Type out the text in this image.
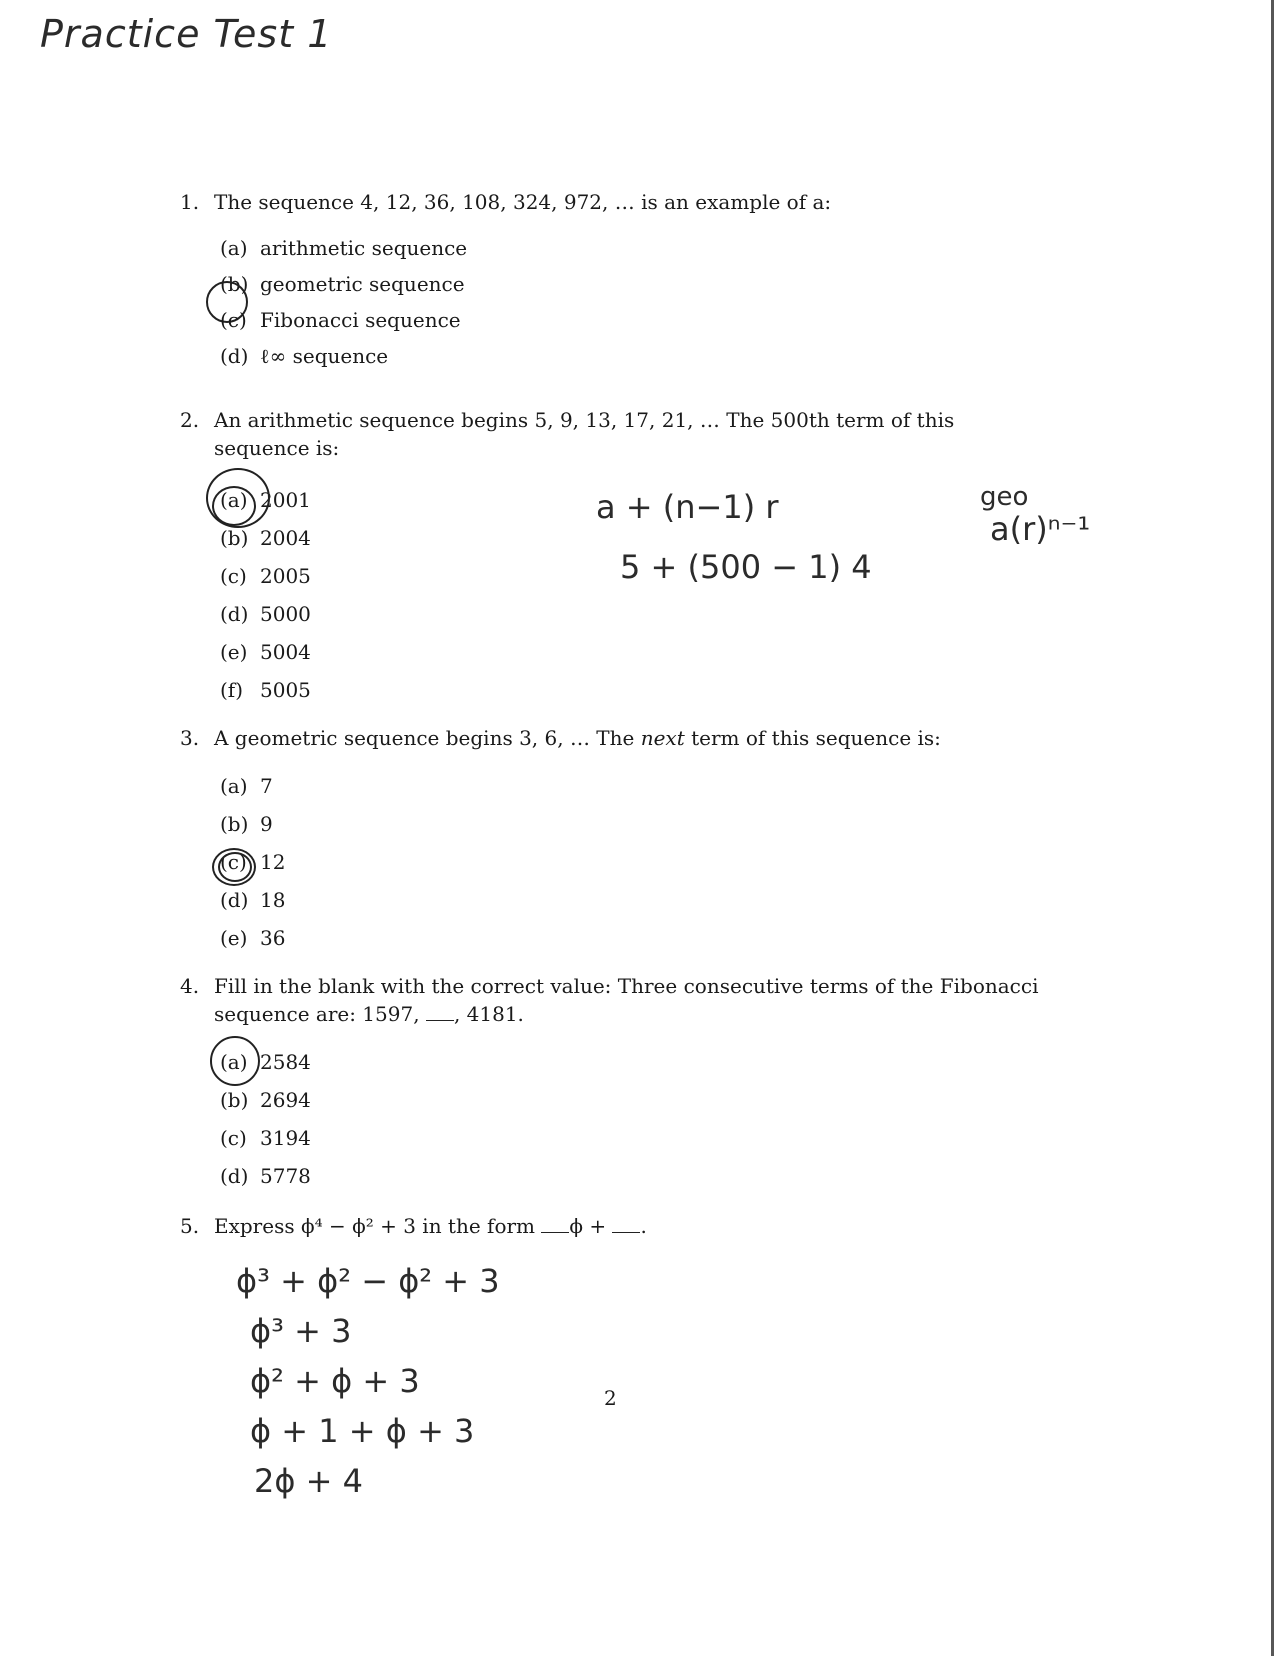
Practice Test 1
1. The sequence 4, 12, 36, 108, 324, 972, … is an example of a:
(a) arithmetic sequence
(b) geometric sequence
(c) Fibonacci sequence
(d) ℓ∞ sequence
2. An arithmetic sequence begins 5, 9, 13, 17, 21, … The 500th term of this sequence is:
(a) 2001
(b) 2004
(c) 2005
(d) 5000
(e) 5004
(f) 5005
a + (n−1) r
5 + (500 − 1) 4
geo
a(r)ⁿ⁻¹
3. A geometric sequence begins 3, 6, … The next term of this sequence is:
(a) 7
(b) 9
(c) 12
(d) 18
(e) 36
4. Fill in the blank with the correct value: Three consecutive terms of the Fibonacci sequence are: 1597, , 4181.
(a) 2584
(b) 2694
(c) 3194
(d) 5778
5. Express ϕ⁴ − ϕ² + 3 in the form ϕ + .
ϕ³ + ϕ² − ϕ² + 3
ϕ³ + 3
ϕ² + ϕ + 3
ϕ + 1 + ϕ + 3
2ϕ + 4
2
